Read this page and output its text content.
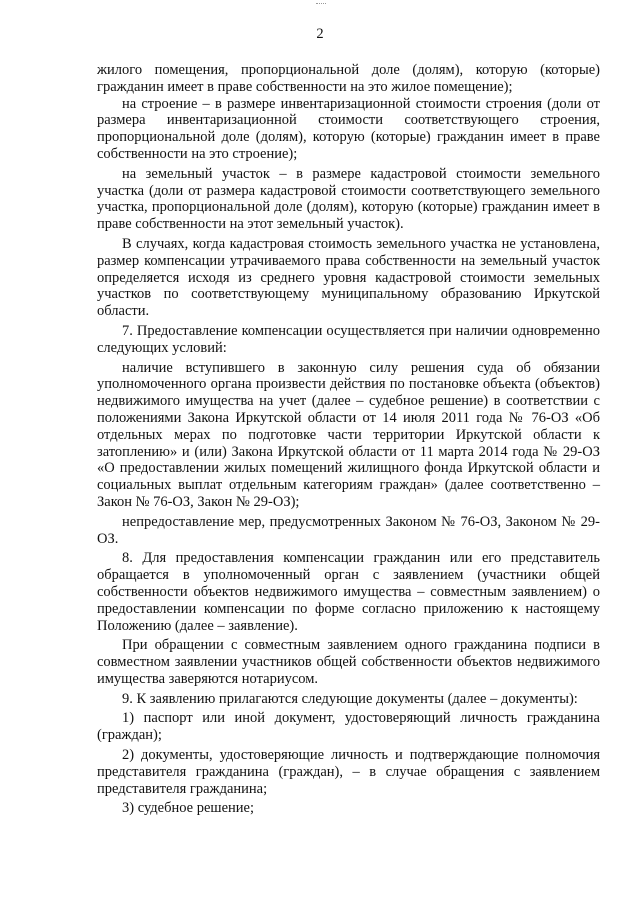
2

жилого помещения, пропорциональной доле (долям), которую (которые) гражданин имеет в праве собственности на это жилое помещение);

на строение – в размере инвентаризационной стоимости строения (доли от размера инвентаризационной стоимости соответствующего строения, пропорциональной доле (долям), которую (которые) гражданин имеет в праве собственности на это строение);

на земельный участок – в размере кадастровой стоимости земельного участка (доли от размера кадастровой стоимости соответствующего земельного участка, пропорциональной доле (долям), которую (которые) гражданин имеет в праве собственности на этот земельный участок).

В случаях, когда кадастровая стоимость земельного участка не установлена, размер компенсации утрачиваемого права собственности на земельный участок определяется исходя из среднего уровня кадастровой стоимости земельных участков по соответствующему муниципальному образованию Иркутской области.

7. Предоставление компенсации осуществляется при наличии одновременно следующих условий:

наличие вступившего в законную силу решения суда об обязании уполномоченного органа произвести действия по постановке объекта (объектов) недвижимого имущества на учет (далее – судебное решение) в соответствии с положениями Закона Иркутской области от 14 июля 2011 года № 76-ОЗ «Об отдельных мерах по подготовке части территории Иркутской области к затоплению» и (или) Закона Иркутской области от 11 марта 2014 года № 29-ОЗ «О предоставлении жилых помещений жилищного фонда Иркутской области и социальных выплат отдельным категориям граждан» (далее соответственно – Закон № 76-ОЗ, Закон № 29-ОЗ);

непредоставление мер, предусмотренных Законом № 76-ОЗ, Законом № 29-ОЗ.

8. Для предоставления компенсации гражданин или его представитель обращается в уполномоченный орган с заявлением (участники общей собственности объектов недвижимого имущества – совместным заявлением) о предоставлении компенсации по форме согласно приложению к настоящему Положению (далее – заявление).

При обращении с совместным заявлением одного гражданина подписи в совместном заявлении участников общей собственности объектов недвижимого имущества заверяются нотариусом.

9. К заявлению прилагаются следующие документы (далее – документы):

1) паспорт или иной документ, удостоверяющий личность гражданина (граждан);

2) документы, удостоверяющие личность и подтверждающие полномочия представителя гражданина (граждан), – в случае обращения с заявлением представителя гражданина;

3) судебное решение;
